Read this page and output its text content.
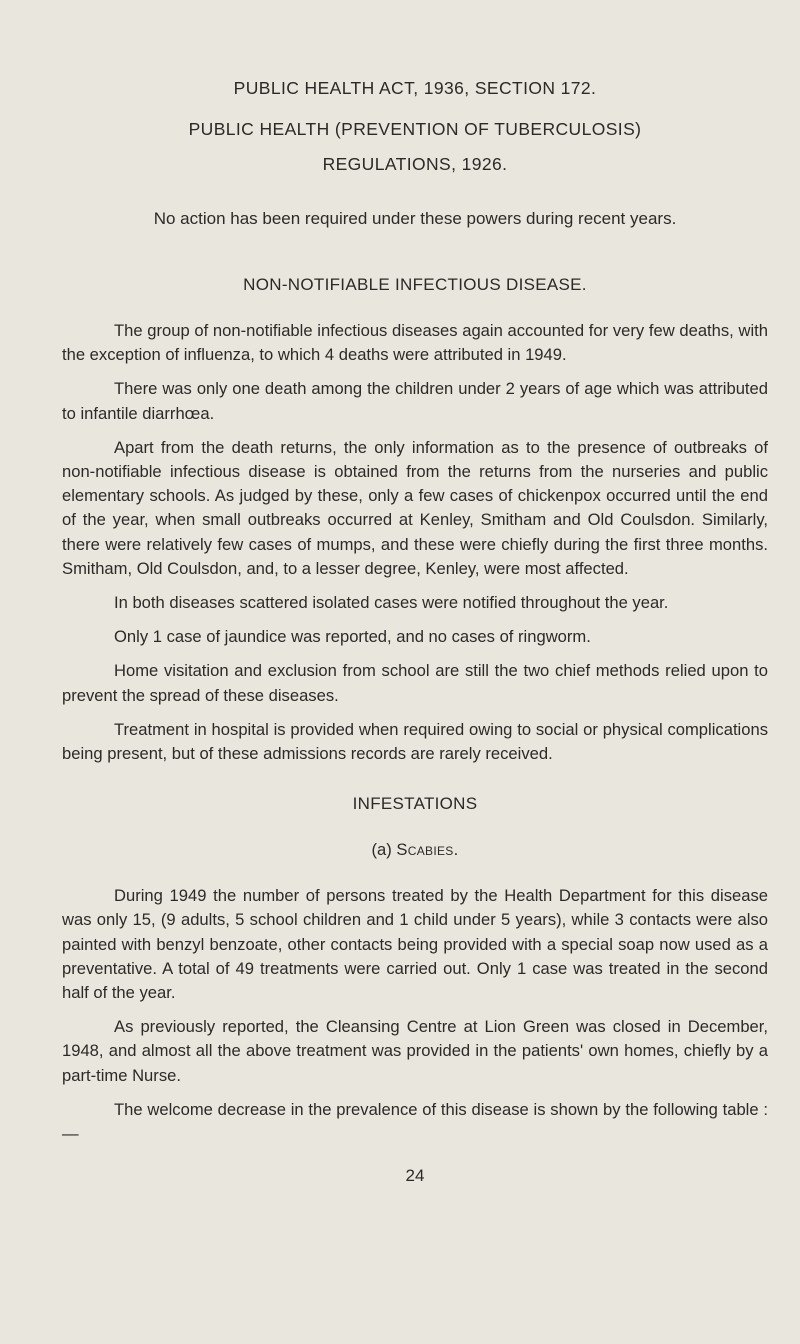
PUBLIC HEALTH ACT, 1936, SECTION 172.
PUBLIC HEALTH (PREVENTION OF TUBERCULOSIS)
REGULATIONS, 1926.

No action has been required under these powers during recent years.

NON-NOTIFIABLE INFECTIOUS DISEASE.

The group of non-notifiable infectious diseases again accounted for very few deaths, with the exception of influenza, to which 4 deaths were attributed in 1949.

There was only one death among the children under 2 years of age which was attributed to infantile diarrhœa.

Apart from the death returns, the only information as to the presence of outbreaks of non-notifiable infectious disease is obtained from the returns from the nurseries and public elementary schools. As judged by these, only a few cases of chickenpox occurred until the end of the year, when small outbreaks occurred at Kenley, Smitham and Old Coulsdon. Similarly, there were relatively few cases of mumps, and these were chiefly during the first three months. Smitham, Old Coulsdon, and, to a lesser degree, Kenley, were most affected.

In both diseases scattered isolated cases were notified throughout the year.

Only 1 case of jaundice was reported, and no cases of ringworm.

Home visitation and exclusion from school are still the two chief methods relied upon to prevent the spread of these diseases.

Treatment in hospital is provided when required owing to social or physical complications being present, but of these admissions records are rarely received.

INFESTATIONS

(a) Scabies.

During 1949 the number of persons treated by the Health Department for this disease was only 15, (9 adults, 5 school children and 1 child under 5 years), while 3 contacts were also painted with benzyl benzoate, other contacts being provided with a special soap now used as a preventative. A total of 49 treatments were carried out. Only 1 case was treated in the second half of the year.

As previously reported, the Cleansing Centre at Lion Green was closed in December, 1948, and almost all the above treatment was provided in the patients' own homes, chiefly by a part-time Nurse.

The welcome decrease in the prevalence of this disease is shown by the following table :—

24
